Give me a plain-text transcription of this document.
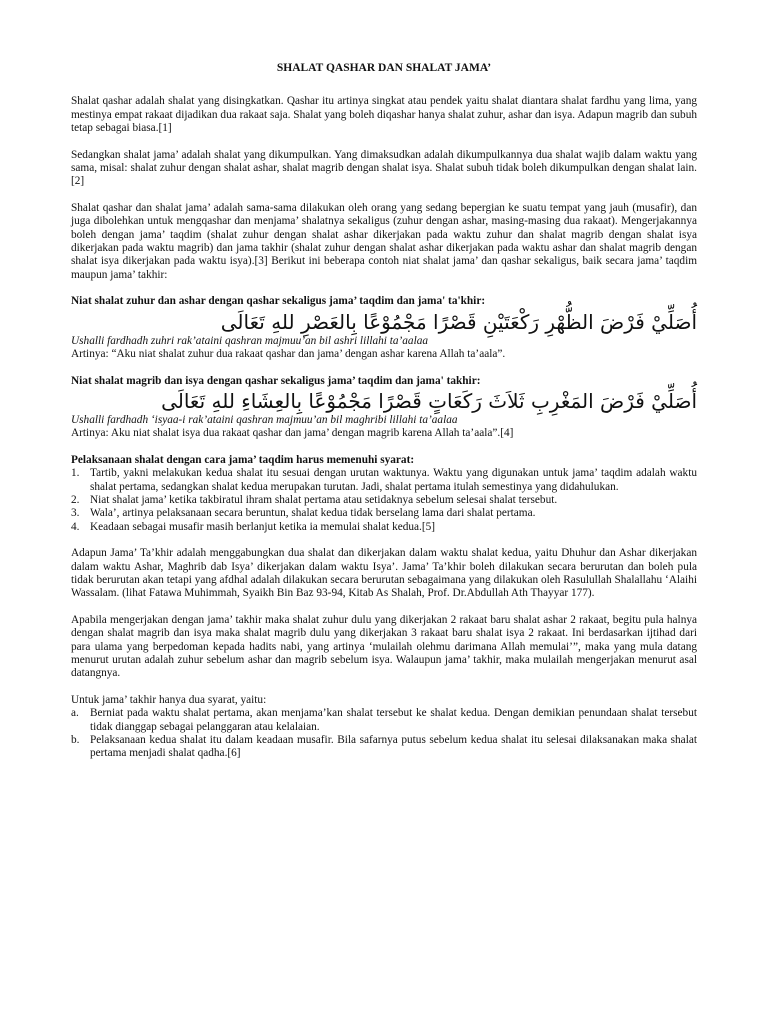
SHALAT QASHAR DAN SHALAT JAMA’

Shalat qashar adalah shalat yang disingkatkan. Qashar itu artinya singkat atau pendek yaitu shalat diantara shalat fardhu yang lima, yang mestinya empat rakaat dijadikan dua rakaat saja. Shalat yang boleh diqashar hanya shalat zuhur, ashar dan isya. Adapun magrib dan subuh tetap sebagai biasa.[1]

Sedangkan shalat jama’ adalah shalat yang dikumpulkan. Yang dimaksudkan adalah dikumpulkannya dua shalat wajib dalam waktu yang sama, misal: shalat zuhur dengan shalat ashar, shalat magrib dengan shalat isya. Shalat subuh tidak boleh dikumpulkan dengan shalat lain.[2]

Shalat qashar dan shalat jama’ adalah sama-sama dilakukan oleh orang yang sedang bepergian ke suatu tempat yang jauh (musafir), dan juga dibolehkan untuk mengqashar dan menjama’ shalatnya sekaligus (zuhur dengan ashar, masing-masing dua rakaat). Mengerjakannya boleh dengan jama’ taqdim (shalat zuhur dengan shalat ashar dikerjakan pada waktu zuhur dan shalat magrib dengan shalat isya dikerjakan pada waktu magrib) dan jama takhir (shalat zuhur dengan shalat ashar dikerjakan pada waktu ashar dan shalat magrib dengan shalat isya dikerjakan pada waktu isya).[3] Berikut ini beberapa contoh niat shalat jama’ dan qashar sekaligus, baik secara jama’ taqdim maupun jama’ takhir:

Niat shalat zuhur dan ashar dengan qashar sekaligus jama’ taqdim dan jama' ta'khir:

أُصَلِّيْ فَرْضَ الظُّهْرِ رَكْعَتَيْنِ قَصْرًا مَجْمُوْعًا بِالعَصْرِ للهِ تَعَالَى

Ushalli fardhadh zuhri rak’ataini qashran majmuu’an bil ashri lillahi ta’aalaa

Artinya: “Aku niat shalat zuhur dua rakaat qashar dan jama’ dengan ashar karena Allah ta’aala”.

Niat shalat magrib dan isya dengan qashar sekaligus jama’ taqdim dan jama' takhir:

أُصَلِّيْ فَرْضَ المَغْرِبِ ثَلاَثَ رَكَعَاتٍ قَصْرًا مَجْمُوْعًا بِالعِشَاءِ للهِ تَعَالَى

Ushalli fardhadh ‘isyaa-i rak’ataini qashran majmuu’an bil maghribi lillahi ta’aalaa

Artinya: Aku niat shalat isya dua rakaat qashar dan jama’ dengan magrib karena Allah ta’aala”.[4]

Pelaksanaan shalat dengan cara jama’ taqdim harus memenuhi syarat:

1. Tartib, yakni melakukan kedua shalat itu sesuai dengan urutan waktunya. Waktu yang digunakan untuk jama’ taqdim adalah waktu shalat pertama, sedangkan shalat kedua merupakan turutan. Jadi, shalat pertama itulah semestinya yang didahulukan.
2. Niat shalat jama’ ketika takbiratul ihram shalat pertama atau setidaknya sebelum selesai shalat tersebut.
3. Wala’, artinya pelaksanaan secara beruntun, shalat kedua tidak berselang lama dari shalat pertama.
4. Keadaan sebagai musafir masih berlanjut ketika ia memulai shalat kedua.[5]

Adapun Jama’ Ta’khir adalah menggabungkan dua shalat dan dikerjakan dalam waktu shalat kedua, yaitu Dhuhur dan Ashar dikerjakan dalam waktu Ashar, Maghrib dab Isya’ dikerjakan dalam waktu Isya’. Jama’ Ta’khir boleh dilakukan secara berurutan dan boleh pula tidak berurutan akan tetapi yang afdhal adalah dilakukan secara berurutan sebagaimana yang dilakukan oleh Rasulullah Shalallahu ‘Alaihi Wassalam. (lihat Fatawa Muhimmah, Syaikh Bin Baz 93-94, Kitab As Shalah, Prof. Dr.Abdullah Ath Thayyar 177).

Apabila mengerjakan dengan jama’ takhir maka shalat zuhur dulu yang dikerjakan 2 rakaat baru shalat ashar 2 rakaat, begitu pula halnya dengan shalat magrib dan isya maka shalat magrib dulu yang dikerjakan 3 rakaat baru shalat isya 2 rakaat. Ini berdasarkan ijtihad dari para ulama yang berpedoman kepada hadits nabi, yang artinya ‘mulailah olehmu darimana Allah memulai’”, maka yang mula datang menurut urutan adalah zuhur sebelum ashar dan magrib sebelum isya. Walaupun jama’ takhir, maka mulailah mengerjakan menurut asal datangnya.

Untuk jama’ takhir hanya dua syarat, yaitu:

a. Berniat pada waktu shalat pertama, akan menjama’kan shalat tersebut ke shalat kedua. Dengan demikian penundaan shalat tersebut tidak dianggap sebagai pelanggaran atau kelalaian.
b. Pelaksanaan kedua shalat itu dalam keadaan musafir. Bila safarnya putus sebelum kedua shalat itu selesai dilaksanakan maka shalat pertama menjadi shalat qadha.[6]
